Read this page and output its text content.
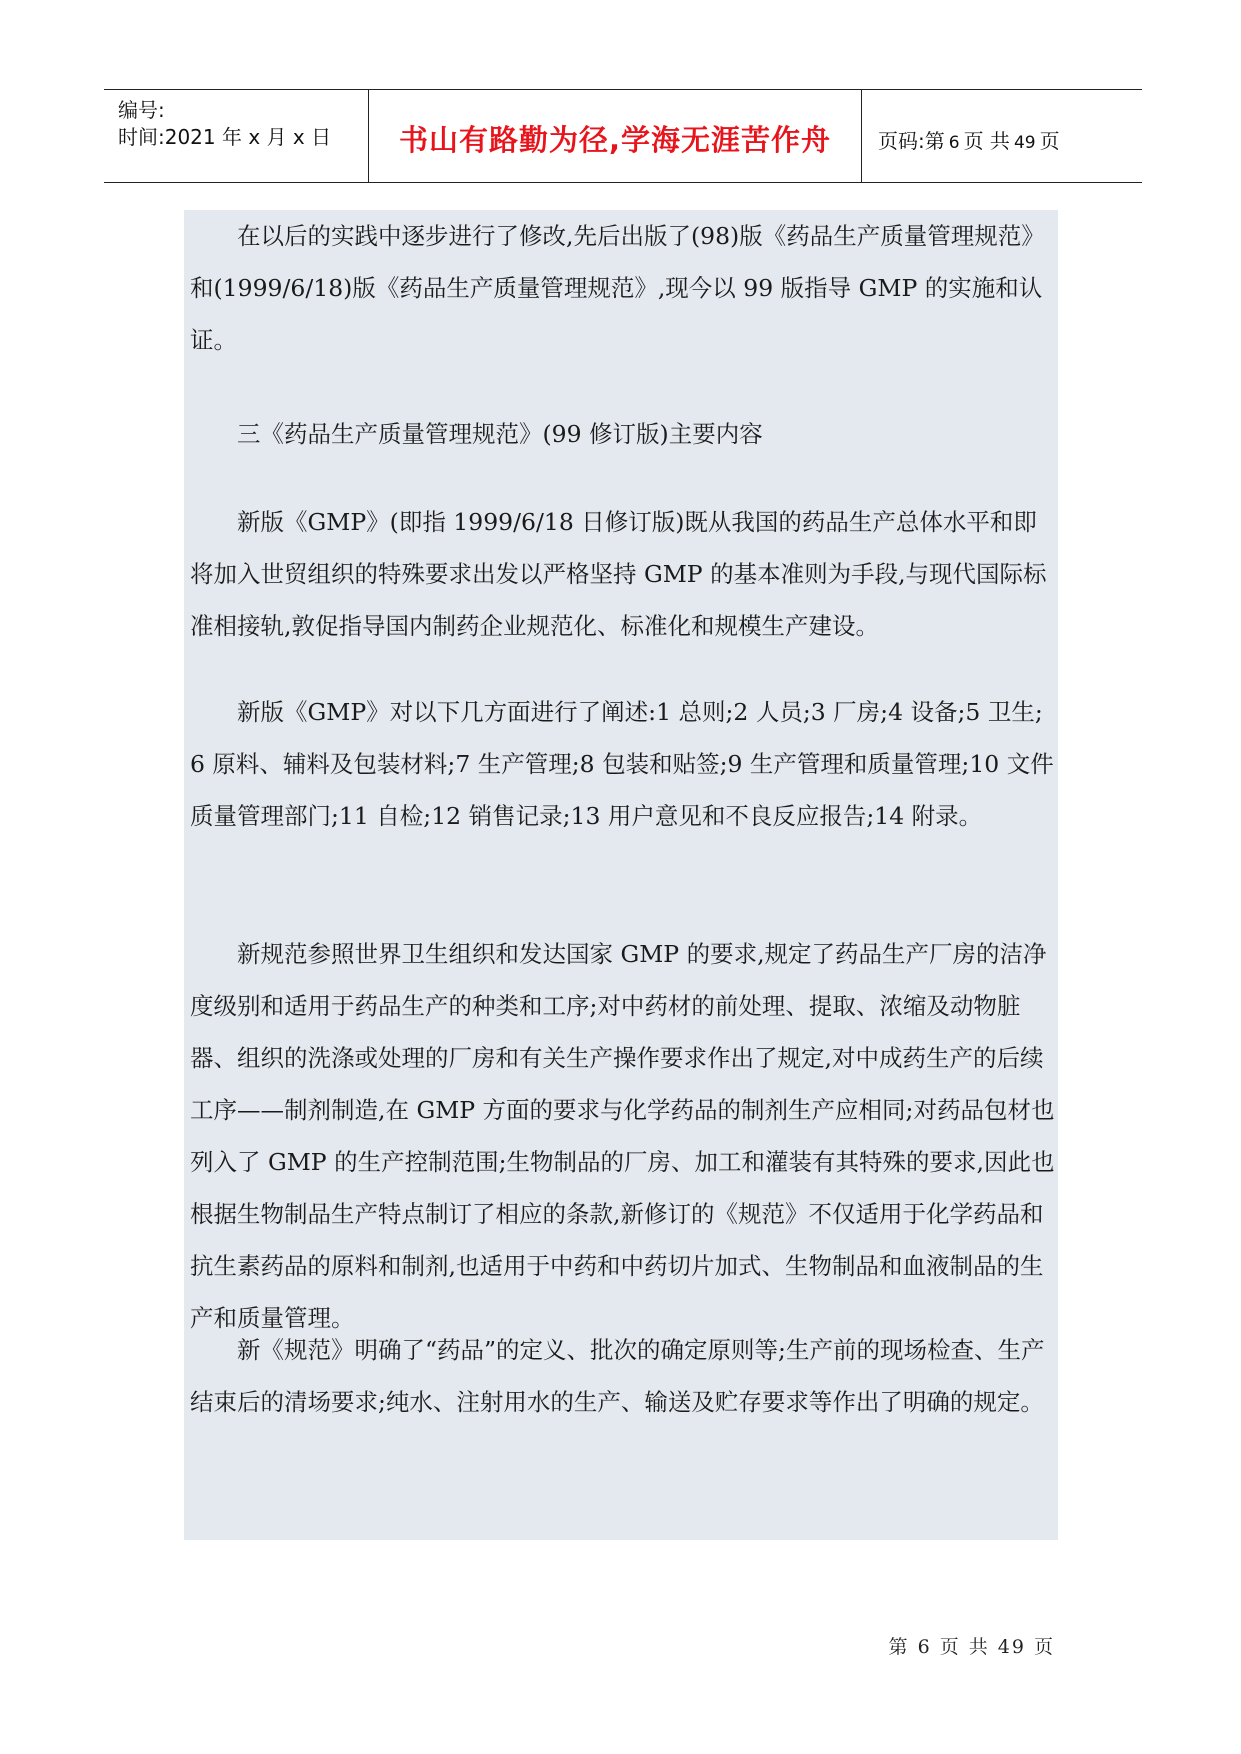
编号:
时间:2021 年 x 月 x 日	书山有路勤为径,学海无涯苦作舟	页码:第 6 页 共 49 页

在以后的实践中逐步进行了修改,先后出版了(98)版《药品生产质量管理规范》和(1999/6/18)版《药品生产质量管理规范》,现今以 99 版指导 GMP 的实施和认证。

三《药品生产质量管理规范》(99 修订版)主要内容

新版《GMP》(即指 1999/6/18 日修订版)既从我国的药品生产总体水平和即将加入世贸组织的特殊要求出发以严格坚持 GMP 的基本准则为手段,与现代国际标准相接轨,敦促指导国内制药企业规范化、标准化和规模生产建设。

新版《GMP》对以下几方面进行了阐述:1 总则;2 人员;3 厂房;4 设备;5 卫生;6 原料、辅料及包装材料;7 生产管理;8 包装和贴签;9 生产管理和质量管理;10 文件质量管理部门;11 自检;12 销售记录;13 用户意见和不良反应报告;14 附录。

新规范参照世界卫生组织和发达国家 GMP 的要求,规定了药品生产厂房的洁净度级别和适用于药品生产的种类和工序;对中药材的前处理、提取、浓缩及动物脏器、组织的洗涤或处理的厂房和有关生产操作要求作出了规定,对中成药生产的后续工序——制剂制造,在 GMP 方面的要求与化学药品的制剂生产应相同;对药品包材也列入了 GMP 的生产控制范围;生物制品的厂房、加工和灌装有其特殊的要求,因此也根据生物制品生产特点制订了相应的条款,新修订的《规范》不仅适用于化学药品和抗生素药品的原料和制剂,也适用于中药和中药切片加式、生物制品和血液制品的生产和质量管理。

新《规范》明确了“药品”的定义、批次的确定原则等;生产前的现场检查、生产结束后的清场要求;纯水、注射用水的生产、输送及贮存要求等作出了明确的规定。

第 6 页 共 49 页
